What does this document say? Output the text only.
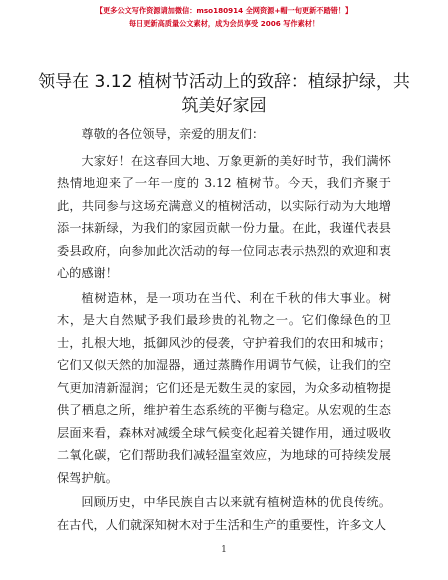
【更多公文写作资源请加微信：mso180914 全网资源+帽一旬更新不踏错！】
每日更新高质量公文素材，成为会员享受 2006 写作素材！
领导在 3.12 植树节活动上的致辞：植绿护绿，共筑美好家园

尊敬的各位领导，亲爱的朋友们：

大家好！在这春回大地、万象更新的美好时节，我们满怀热情地迎来了一年一度的 3.12 植树节。今天，我们齐聚于此，共同参与这场充满意义的植树活动，以实际行动为大地增添一抹新绿，为我们的家园贡献一份力量。在此，我谨代表县委县政府，向参加此次活动的每一位同志表示热烈的欢迎和衷心的感谢！

植树造林，是一项功在当代、利在千秋的伟大事业。树木，是大自然赋予我们最珍贵的礼物之一。它们像绿色的卫士，扎根大地，抵御风沙的侵袭，守护着我们的农田和城市；它们又似天然的加湿器，通过蒸腾作用调节气候，让我们的空气更加清新湿润；它们还是无数生灵的家园，为众多动植物提供了栖息之所，维护着生态系统的平衡与稳定。从宏观的生态层面来看，森林对减缓全球气候变化起着关键作用，通过吸收二氧化碳，它们帮助我们减轻温室效应，为地球的可持续发展保驾护航。

回顾历史，中华民族自古以来就有植树造林的优良传统。在古代，人们就深知树木对于生活和生产的重要性，许多文人

1
